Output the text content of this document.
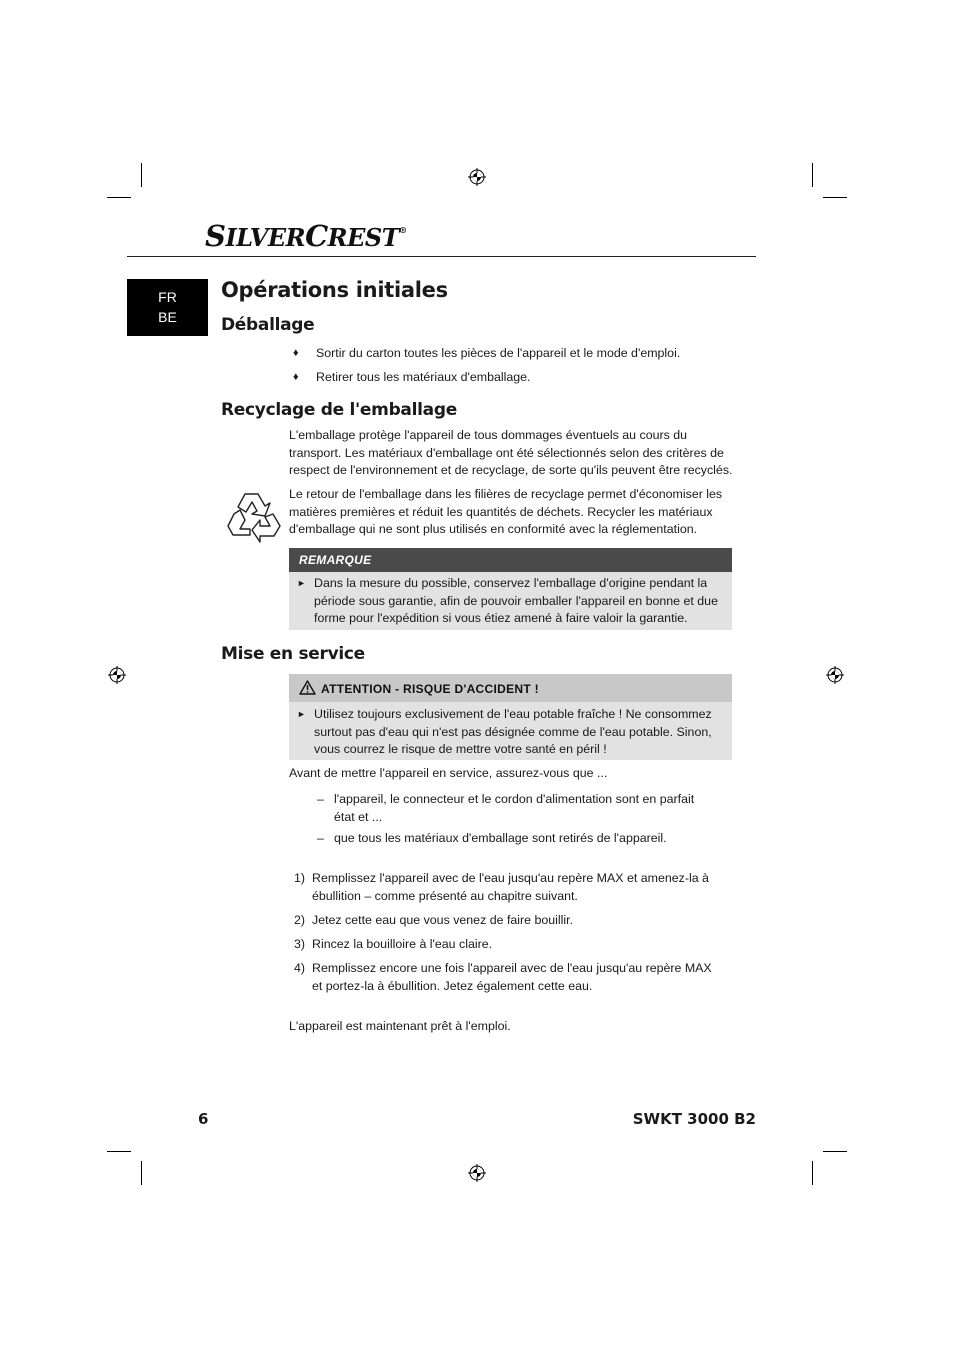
SILVERCREST®
FR
BE
Opérations initiales
Déballage
♦ Sortir du carton toutes les pièces de l'appareil et le mode d'emploi.
♦ Retirer tous les matériaux d'emballage.
Recyclage de l'emballage

L'emballage protège l'appareil de tous dommages éventuels au cours du transport. Les matériaux d'emballage ont été sélectionnés selon des critères de respect de l'environnement et de recyclage, de sorte qu'ils peuvent être recyclés.

Le retour de l'emballage dans les filières de recyclage permet d'économiser les matières premières et réduit les quantités de déchets. Recycler les matériaux d'emballage qui ne sont plus utilisés en conformité avec la réglementation.

REMARQUE
► Dans la mesure du possible, conservez l'emballage d'origine pendant la période sous garantie, afin de pouvoir emballer l'appareil en bonne et due forme pour l'expédition si vous étiez amené à faire valoir la garantie.
Mise en service
ATTENTION - RISQUE D'ACCIDENT !
► Utilisez toujours exclusivement de l'eau potable fraîche ! Ne consommez surtout pas d'eau qui n'est pas désignée comme de l'eau potable. Sinon, vous courrez le risque de mettre votre santé en péril !

Avant de mettre l'appareil en service, assurez-vous que ...

– l'appareil, le connecteur et le cordon d'alimentation sont en parfait état et ...
– que tous les matériaux d'emballage sont retirés de l'appareil.
1) Remplissez l'appareil avec de l'eau jusqu'au repère MAX et amenez-la à ébullition – comme présenté au chapitre suivant.
2) Jetez cette eau que vous venez de faire bouillir.
3) Rincez la bouilloire à l'eau claire.
4) Remplissez encore une fois l'appareil avec de l'eau jusqu'au repère MAX et portez-la à ébullition. Jetez également cette eau.

L'appareil est maintenant prêt à l'emploi.

6	SWKT 3000 B2
